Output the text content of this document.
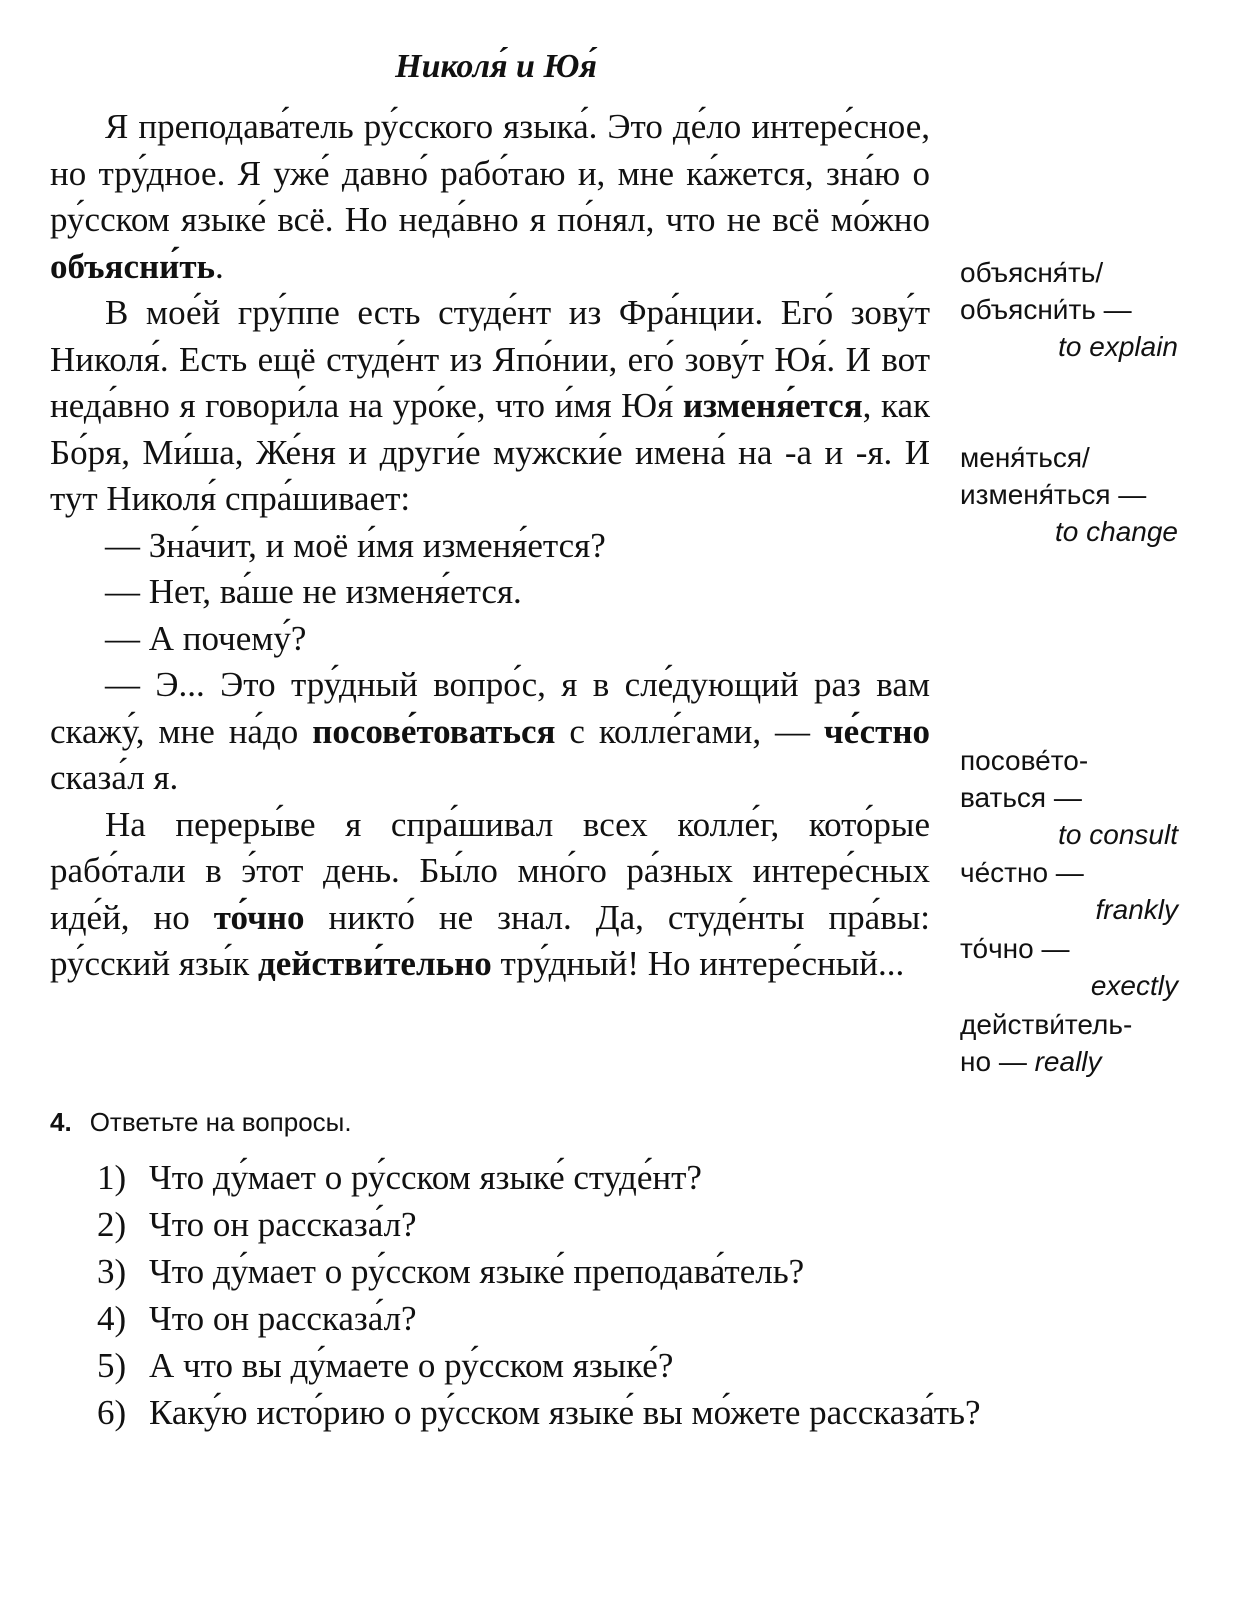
Николя́ и Юя́

Я преподава́тель ру́сского языка́. Это де́ло интере́сное, но тру́дное. Я уже́ давно́ рабо́таю и, мне ка́жется, зна́ю о ру́сском языке́ всё. Но неда́вно я по́нял, что не всё мо́жно объясни́ть.

В мое́й гру́ппе есть студе́нт из Фра́нции. Его́ зову́т Николя́. Есть ещё студе́нт из Япо́нии, его́ зову́т Юя́. И вот неда́вно я говори́ла на уро́ке, что и́мя Юя́ изменя́ется, как Бо́ря, Ми́ша, Же́ня и други́е мужски́е имена́ на -а и -я. И тут Николя́ спра́шивает:

— Зна́чит, и моё и́мя изменя́ется?

— Нет, ва́ше не изменя́ется.

— А почему́?

— Э... Это тру́дный вопро́с, я в сле́дующий раз вам скажу́, мне на́до посове́товаться с колле́гами, — че́стно сказа́л я.

На переры́ве я спра́шивал всех колле́г, кото́рые рабо́тали в э́тот день. Бы́ло мно́го ра́зных интере́сных иде́й, но то́чно никто́ не знал. Да, студе́нты пра́вы: ру́сский язы́к действи́тельно тру́дный! Но интере́сный...

объясня́ть/
объясни́ть —
to explain
меня́ться/
изменя́ться —
to change
посове́то-
ваться —
to consult
че́стно —
frankly
то́чно —
exectly
действи́тель-
но — really
4. Ответьте на вопросы.
1) Что ду́мает о ру́сском языке́ студе́нт?
2) Что он рассказа́л?
3) Что ду́мает о ру́сском языке́ преподава́тель?
4) Что он рассказа́л?
5) А что вы ду́маете о ру́сском языке́?
6) Каку́ю исто́рию о ру́сском языке́ вы мо́жете рассказа́ть?
